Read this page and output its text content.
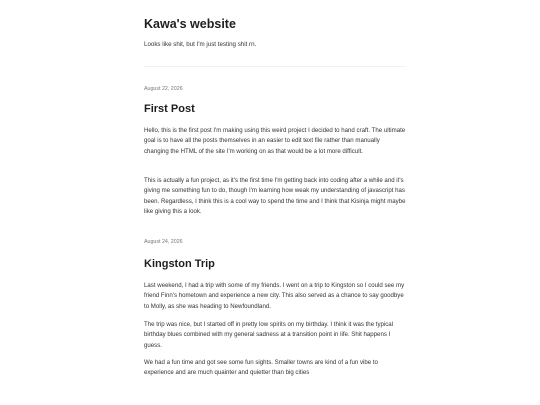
Kawa's website

Looks like shit, but I'm just testing shit rn.

August 22, 2026

First Post

Hello, this is the first post I'm making using this weird project I decided to hand craft. The ultimate goal is to have all the posts themselves in an easier to edit text file rather than manually changing the HTML of the site I'm working on as that would be a lot more difficult.

This is actually a fun project, as it's the first time I'm getting back into coding after a while and it's giving me something fun to do, though I'm learning how weak my understanding of javascript has been. Regardless, I think this is a cool way to spend the time and I think that Kisinja might maybe like giving this a look.

August 24, 2026

Kingston Trip

Last weekend, I had a trip with some of my friends. I went on a trip to Kingston so I could see my friend Finn's hometown and experience a new city. This also served as a chance to say goodbye to Molly, as she was heading to Newfoundland.

The trip was nice, but I started off in pretty low spirits on my birthday. I think it was the typical birthday blues combined with my general sadness at a transition point in life. Shit happens I guess.

We had a fun time and got see some fun sights. Smaller towns are kind of a fun vibe to experience and are much quainter and quietter than big cities
